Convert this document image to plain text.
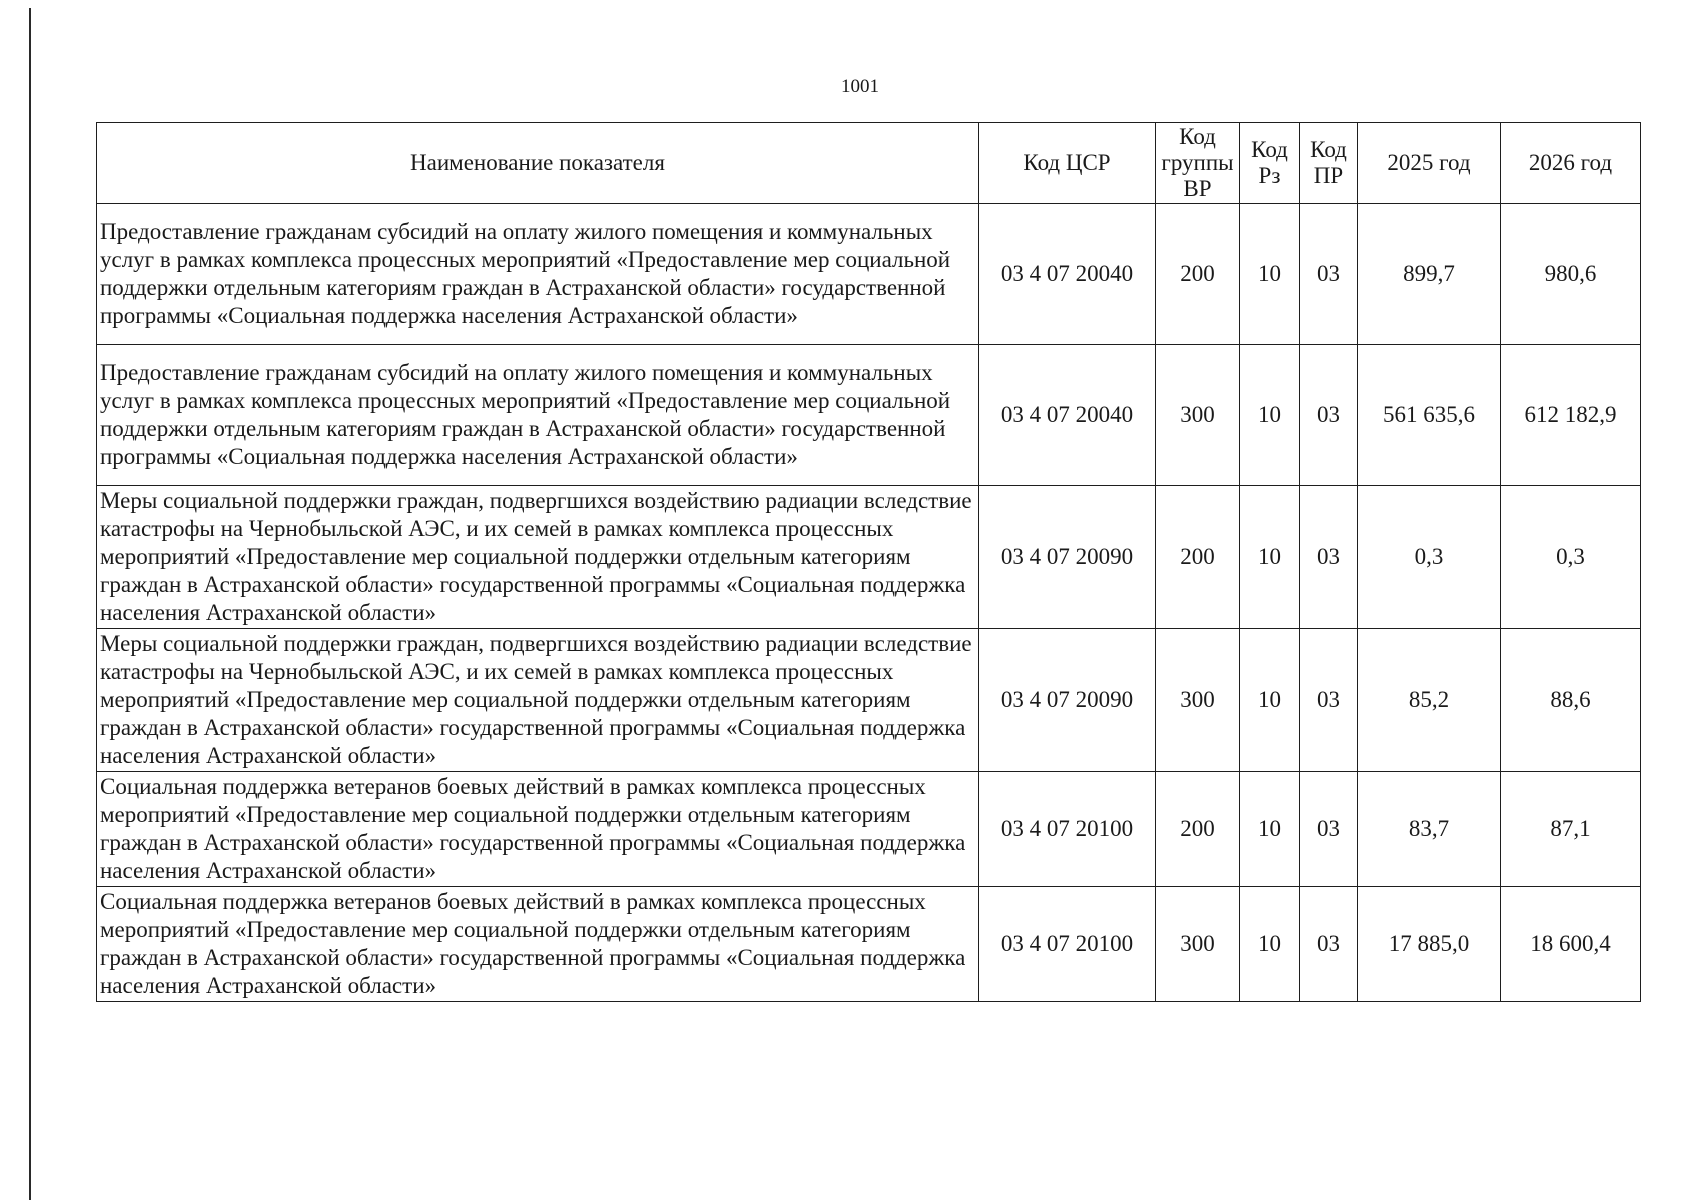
1001
Наименование показателя	Код ЦСР	Код группы ВР	Код Рз	Код ПР	2025 год	2026 год
Предоставление гражданам субсидий на оплату жилого помещения и коммунальных услуг в рамках комплекса процессных мероприятий «Предоставление мер социальной поддержки отдельным категориям граждан в Астраханской области» государственной программы «Социальная поддержка населения Астраханской области»	03 4 07 20040	200	10	03	899,7	980,6
Предоставление гражданам субсидий на оплату жилого помещения и коммунальных услуг в рамках комплекса процессных мероприятий «Предоставление мер социальной поддержки отдельным категориям граждан в Астраханской области» государственной программы «Социальная поддержка населения Астраханской области»	03 4 07 20040	300	10	03	561 635,6	612 182,9
Меры социальной поддержки граждан, подвергшихся воздействию радиации вследствие катастрофы на Чернобыльской АЭС, и их семей в рамках комплекса процессных мероприятий «Предоставление мер социальной поддержки отдельным категориям граждан в Астраханской области» государственной программы «Социальная поддержка населения Астраханской области»	03 4 07 20090	200	10	03	0,3	0,3
Меры социальной поддержки граждан, подвергшихся воздействию радиации вследствие катастрофы на Чернобыльской АЭС, и их семей в рамках комплекса процессных мероприятий «Предоставление мер социальной поддержки отдельным категориям граждан в Астраханской области» государственной программы «Социальная поддержка населения Астраханской области»	03 4 07 20090	300	10	03	85,2	88,6
Социальная поддержка ветеранов боевых действий в рамках комплекса процессных мероприятий «Предоставление мер социальной поддержки отдельным категориям граждан в Астраханской области» государственной программы «Социальная поддержка населения Астраханской области»	03 4 07 20100	200	10	03	83,7	87,1
Социальная поддержка ветеранов боевых действий в рамках комплекса процессных мероприятий «Предоставление мер социальной поддержки отдельным категориям граждан в Астраханской области» государственной программы «Социальная поддержка населения Астраханской области»	03 4 07 20100	300	10	03	17 885,0	18 600,4
